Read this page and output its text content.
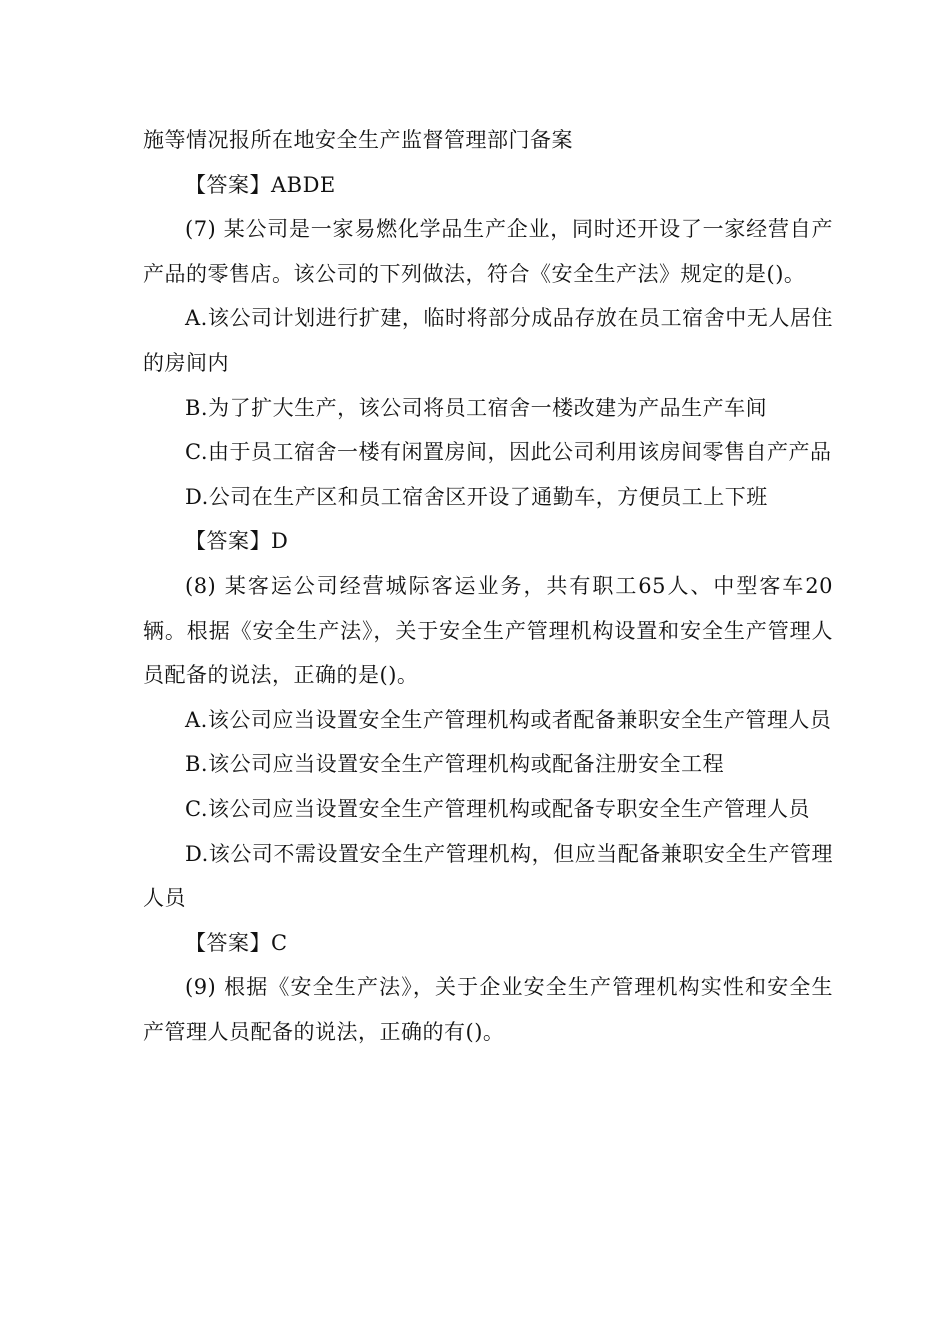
施等情况报所在地安全生产监督管理部门备案

【答案】ABDE

(7) 某公司是一家易燃化学品生产企业，同时还开设了一家经营自产产品的零售店。该公司的下列做法，符合《安全生产法》规定的是()。

A.该公司计划进行扩建，临时将部分成品存放在员工宿舍中无人居住的房间内

B.为了扩大生产，该公司将员工宿舍一楼改建为产品生产车间

C.由于员工宿舍一楼有闲置房间，因此公司利用该房间零售自产产品

D.公司在生产区和员工宿舍区开设了通勤车，方便员工上下班

【答案】D

(8) 某客运公司经营城际客运业务，共有职工65人、中型客车20辆。根据《安全生产法》，关于安全生产管理机构设置和安全生产管理人员配备的说法，正确的是()。

A.该公司应当设置安全生产管理机构或者配备兼职安全生产管理人员

B.该公司应当设置安全生产管理机构或配备注册安全工程

C.该公司应当设置安全生产管理机构或配备专职安全生产管理人员

D.该公司不需设置安全生产管理机构，但应当配备兼职安全生产管理人员

【答案】C

(9) 根据《安全生产法》，关于企业安全生产管理机构实性和安全生产管理人员配备的说法，正确的有()。
